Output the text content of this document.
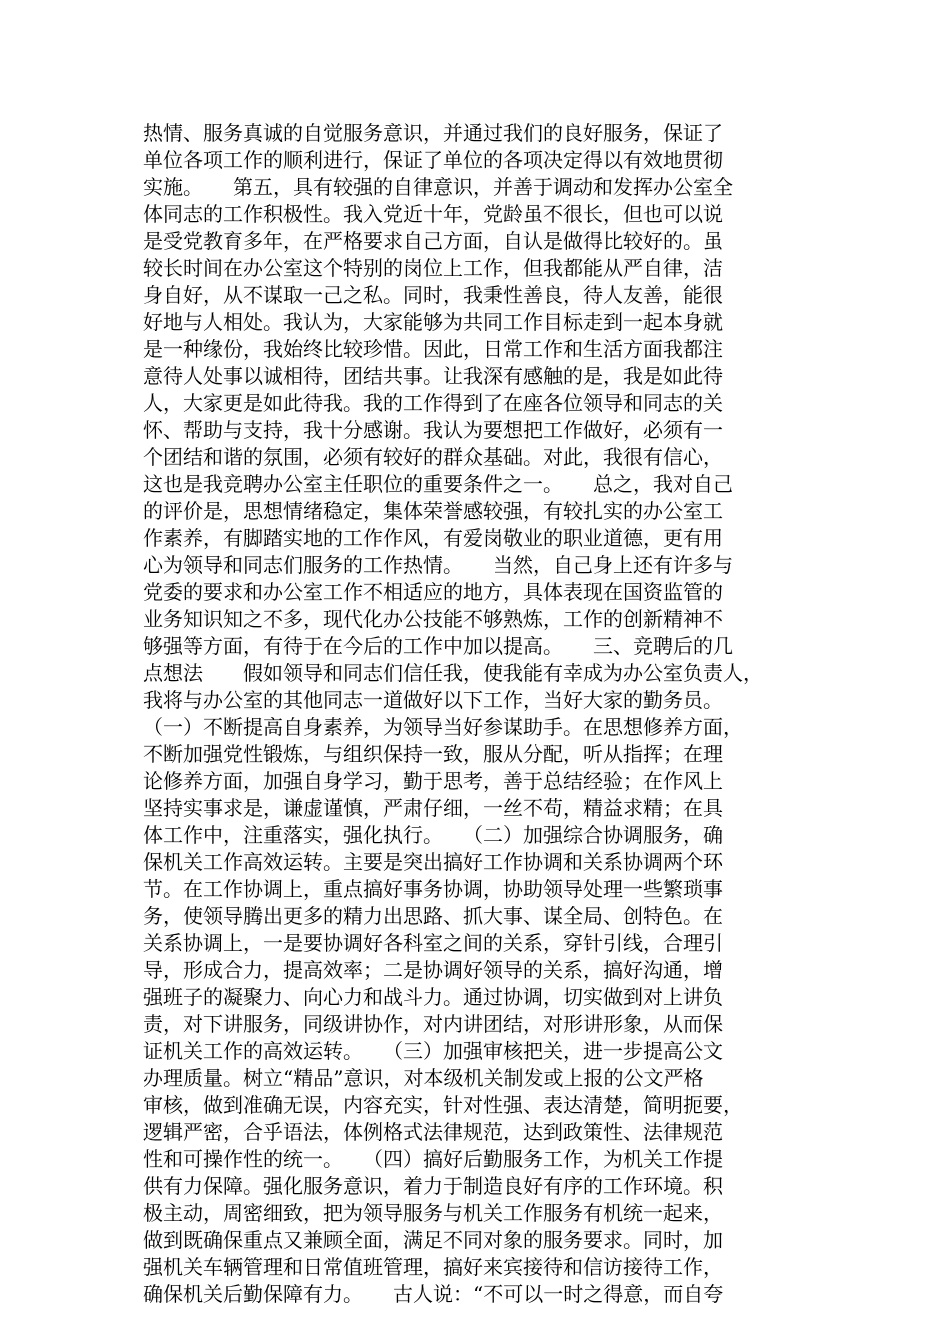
热情、服务真诚的自觉服务意识，并通过我们的良好服务，保证了
单位各项工作的顺利进行，保证了单位的各项决定得以有效地贯彻
实施。　　第五，具有较强的自律意识，并善于调动和发挥办公室全
体同志的工作积极性。我入党近十年，党龄虽不很长，但也可以说
是受党教育多年，在严格要求自己方面，自认是做得比较好的。虽
较长时间在办公室这个特别的岗位上工作，但我都能从严自律，洁
身自好，从不谋取一己之私。同时，我秉性善良，待人友善，能很
好地与人相处。我认为，大家能够为共同工作目标走到一起本身就
是一种缘份，我始终比较珍惜。因此，日常工作和生活方面我都注
意待人处事以诚相待，团结共事。让我深有感触的是，我是如此待
人，大家更是如此待我。我的工作得到了在座各位领导和同志的关
怀、帮助与支持，我十分感谢。我认为要想把工作做好，必须有一
个团结和谐的氛围，必须有较好的群众基础。对此，我很有信心，
这也是我竞聘办公室主任职位的重要条件之一。　　总之，我对自己
的评价是，思想情绪稳定，集体荣誉感较强，有较扎实的办公室工
作素养，有脚踏实地的工作作风，有爱岗敬业的职业道德，更有用
心为领导和同志们服务的工作热情。　　当然，自己身上还有许多与
党委的要求和办公室工作不相适应的地方，具体表现在国资监管的
业务知识知之不多，现代化办公技能不够熟炼，工作的创新精神不
够强等方面，有待于在今后的工作中加以提高。　　三、竞聘后的几
点想法　　假如领导和同志们信任我，使我能有幸成为办公室负责人，
我将与办公室的其他同志一道做好以下工作，当好大家的勤务员。
（一）不断提高自身素养，为领导当好参谋助手。在思想修养方面，
不断加强党性锻炼，与组织保持一致，服从分配，听从指挥；在理
论修养方面，加强自身学习，勤于思考，善于总结经验；在作风上
坚持实事求是，谦虚谨慎，严肃仔细，一丝不苟，精益求精；在具
体工作中，注重落实，强化执行。　　（二）加强综合协调服务，确
保机关工作高效运转。主要是突出搞好工作协调和关系协调两个环
节。在工作协调上，重点搞好事务协调，协助领导处理一些繁琐事
务，使领导腾出更多的精力出思路、抓大事、谋全局、创特色。在
关系协调上，一是要协调好各科室之间的关系，穿针引线，合理引
导，形成合力，提高效率；二是协调好领导的关系，搞好沟通，增
强班子的凝聚力、向心力和战斗力。通过协调，切实做到对上讲负
责，对下讲服务，同级讲协作，对内讲团结，对形讲形象，从而保
证机关工作的高效运转。　　（三）加强审核把关，进一步提高公文
办理质量。树立“精品”意识，对本级机关制发或上报的公文严格
审核，做到准确无误，内容充实，针对性强、表达清楚，简明扼要，
逻辑严密，合乎语法，体例格式法律规范，达到政策性、法律规范
性和可操作性的统一。　　（四）搞好后勤服务工作，为机关工作提
供有力保障。强化服务意识，着力于制造良好有序的工作环境。积
极主动，周密细致，把为领导服务与机关工作服务有机统一起来，
做到既确保重点又兼顾全面，满足不同对象的服务要求。同时，加
强机关车辆管理和日常值班管理，搞好来宾接待和信访接待工作，
确保机关后勤保障有力。　　古人说：“不可以一时之得意，而自夸
